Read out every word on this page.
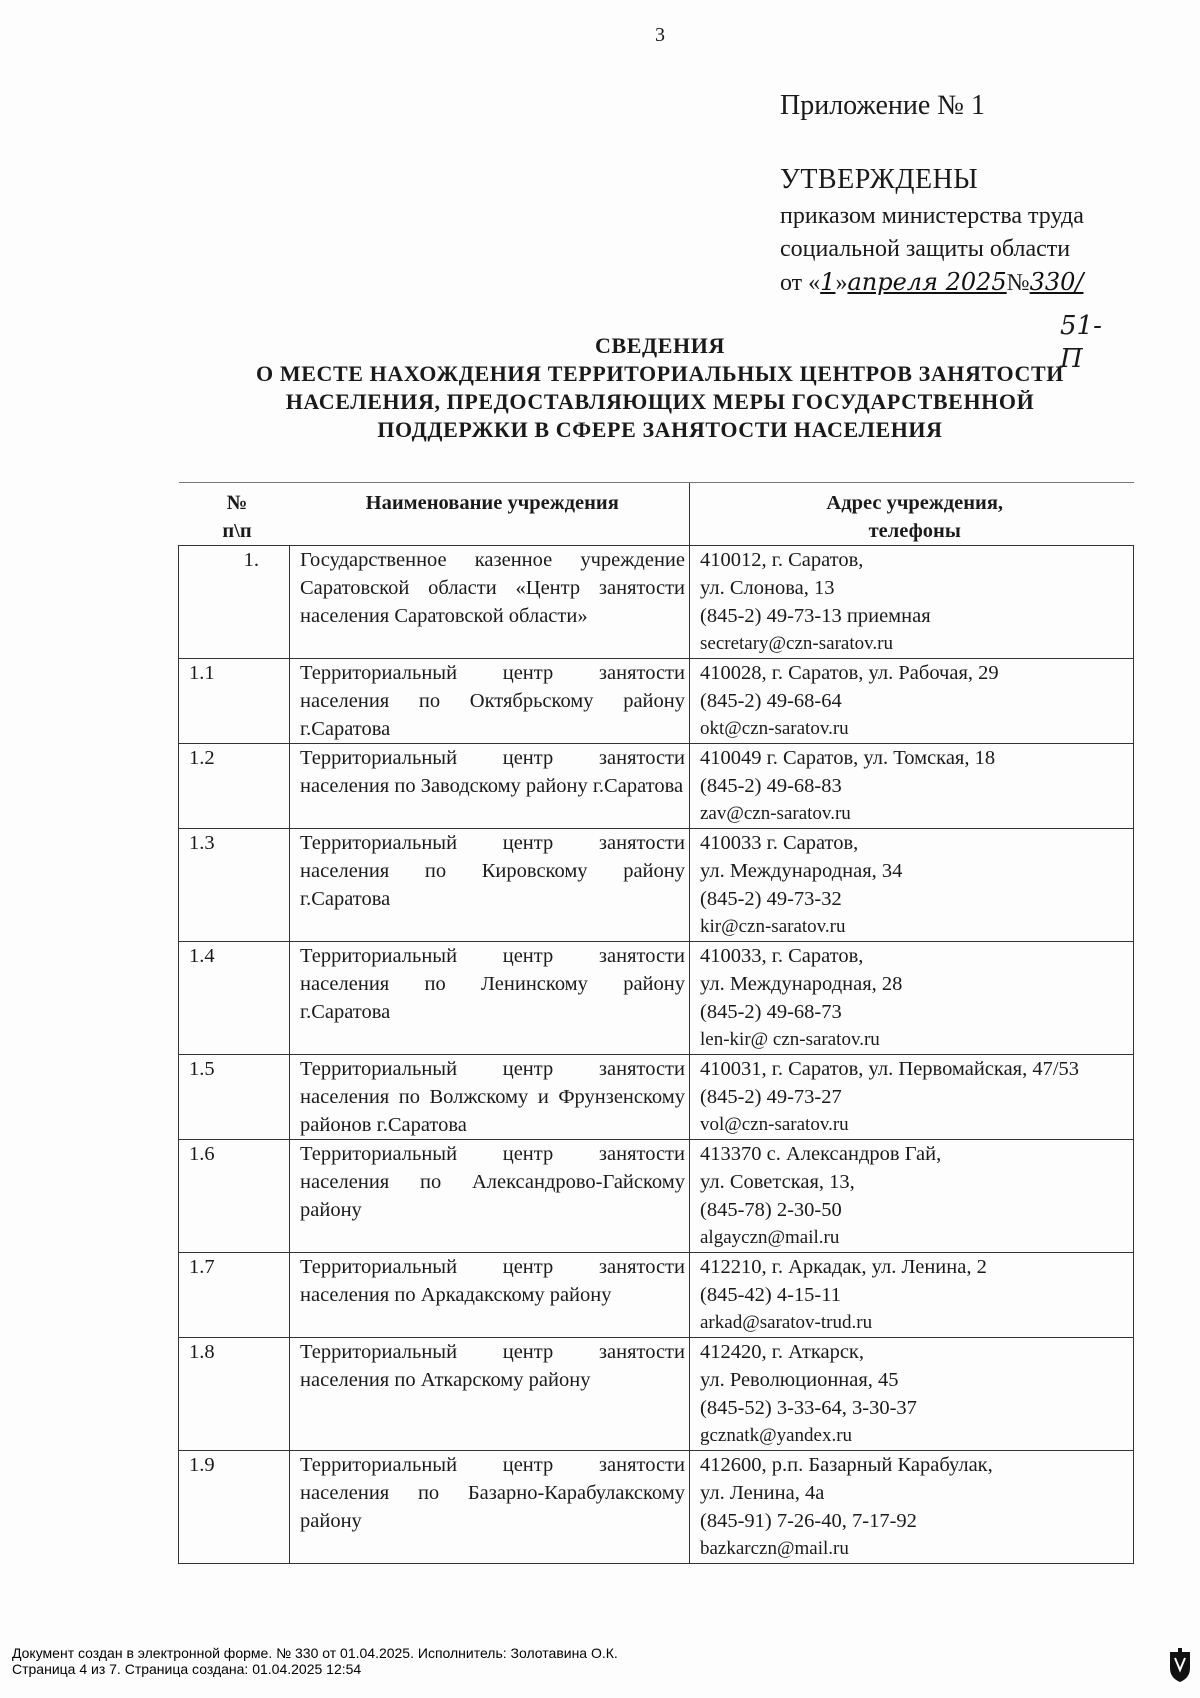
3
Приложение № 1
УТВЕРЖДЕНЫ
приказом министерства труда
социальной защиты области
от «1»апреля 2025№330/
51-П
СВЕДЕНИЯ
О МЕСТЕ НАХОЖДЕНИЯ ТЕРРИТОРИАЛЬНЫХ ЦЕНТРОВ ЗАНЯТОСТИ
НАСЕЛЕНИЯ, ПРЕДОСТАВЛЯЮЩИХ МЕРЫ ГОСУДАРСТВЕННОЙ
ПОДДЕРЖКИ В СФЕРЕ ЗАНЯТОСТИ НАСЕЛЕНИЯ
№
п\п	Наименование учреждения	Адрес учреждения,
телефоны
1.	Государственное казенное учреждение Саратовской области «Центр занятости населения Саратовской области»	410012, г. Саратов,
ул. Слонова, 13
(845-2) 49-73-13 приемная
secretary@czn-saratov.ru

1.1	Территориальный центр занятости населения по Октябрьскому району г.Саратова	410028, г. Саратов, ул. Рабочая, 29
(845-2) 49-68-64
okt@czn-saratov.ru

1.2	Территориальный центр занятости населения по Заводскому району г.Саратова	410049 г. Саратов, ул. Томская, 18
(845-2) 49-68-83
zav@czn-saratov.ru

1.3	Территориальный центр занятости населения по Кировскому району г.Саратова	410033 г. Саратов,
ул. Международная, 34
(845-2) 49-73-32
kir@czn-saratov.ru

1.4	Территориальный центр занятости населения по Ленинскому району г.Саратова	410033, г. Саратов,
ул. Международная, 28
(845-2) 49-68-73
len-kir@ czn-saratov.ru

1.5	Территориальный центр занятости населения по Волжскому и Фрунзенскому районов г.Саратова	410031, г. Саратов, ул. Первомайская, 47/53
(845-2) 49-73-27
vol@czn-saratov.ru

1.6	Территориальный центр занятости населения по Александрово-Гайскому району	413370 с. Александров Гай,
ул. Советская, 13,
(845-78) 2-30-50
algayczn@mail.ru

1.7	Территориальный центр занятости населения по Аркадакскому району	412210, г. Аркадак, ул. Ленина, 2
(845-42) 4-15-11
arkad@saratov-trud.ru

1.8	Территориальный центр занятости населения по Аткарскому району	412420, г. Аткарск,
ул. Революционная, 45
(845-52) 3-33-64, 3-30-37
gcznatk@yandex.ru

1.9	Территориальный центр занятости населения по Базарно-Карабулакскому району	412600, р.п. Базарный Карабулак,
ул. Ленина, 4а
(845-91) 7-26-40, 7-17-92
bazkarczn@mail.ru
Документ создан в электронной форме. № 330 от 01.04.2025. Исполнитель: Золотавина О.К.
Страница 4 из 7. Страница создана: 01.04.2025 12:54
